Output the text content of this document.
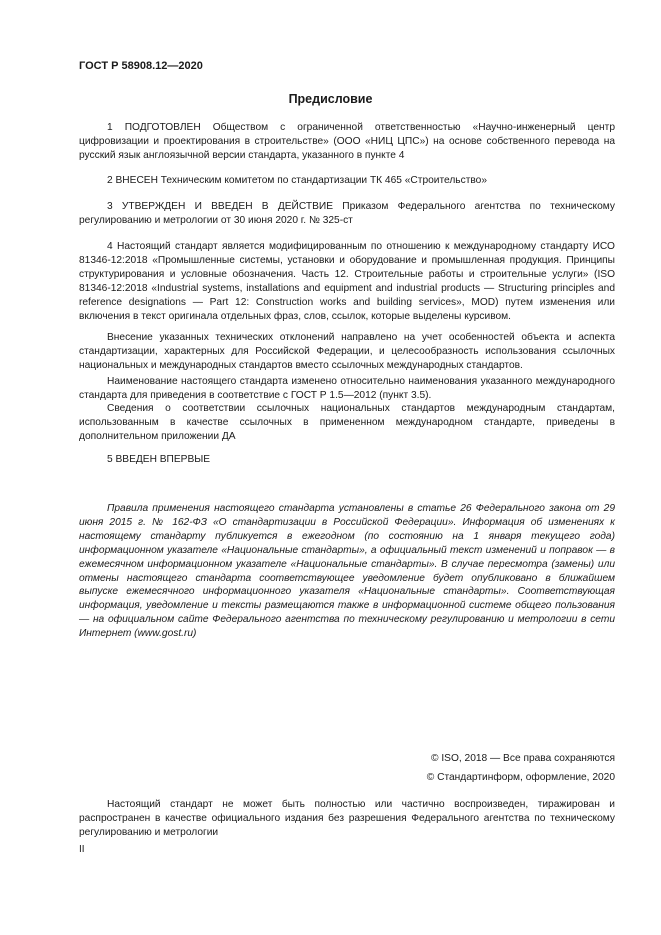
ГОСТ Р 58908.12—2020
Предисловие

1 ПОДГОТОВЛЕН Обществом с ограниченной ответственностью «Научно-инженерный центр цифровизации и проектирования в строительстве» (ООО «НИЦ ЦПС») на основе собственного перевода на русский язык англоязычной версии стандарта, указанного в пункте 4

2 ВНЕСЕН Техническим комитетом по стандартизации ТК 465 «Строительство»

3 УТВЕРЖДЕН И ВВЕДЕН В ДЕЙСТВИЕ Приказом Федерального агентства по техническому регулированию и метрологии от 30 июня 2020 г. № 325-ст

4 Настоящий стандарт является модифицированным по отношению к международному стандарту ИСО 81346-12:2018 «Промышленные системы, установки и оборудование и промышленная продукция. Принципы структурирования и условные обозначения. Часть 12. Строительные работы и строительные услуги» (ISO 81346-12:2018 «Industrial systems, installations and equipment and industrial products — Structuring principles and reference designations — Part 12: Construction works and building services», MOD) путем изменения или включения в текст оригинала отдельных фраз, слов, ссылок, которые выделены курсивом.

Внесение указанных технических отклонений направлено на учет особенностей объекта и аспекта стандартизации, характерных для Российской Федерации, и целесообразность использования ссылочных национальных и международных стандартов вместо ссылочных международных стандартов.

Наименование настоящего стандарта изменено относительно наименования указанного международного стандарта для приведения в соответствие с ГОСТ Р 1.5—2012 (пункт 3.5).

Сведения о соответствии ссылочных национальных стандартов международным стандартам, использованным в качестве ссылочных в примененном международном стандарте, приведены в дополнительном приложении ДА

5 ВВЕДЕН ВПЕРВЫЕ

Правила применения настоящего стандарта установлены в статье 26 Федерального закона от 29 июня 2015 г. № 162-ФЗ «О стандартизации в Российской Федерации». Информация об изменениях к настоящему стандарту публикуется в ежегодном (по состоянию на 1 января текущего года) информационном указателе «Национальные стандарты», а официальный текст изменений и поправок — в ежемесячном информационном указателе «Национальные стандарты». В случае пересмотра (замены) или отмены настоящего стандарта соответствующее уведомление будет опубликовано в ближайшем выпуске ежемесячного информационного указателя «Национальные стандарты». Соответствующая информация, уведомление и тексты размещаются также в информационной системе общего пользования — на официальном сайте Федерального агентства по техническому регулированию и метрологии в сети Интернет (www.gost.ru)

© ISO, 2018 — Все права сохраняются
© Стандартинформ, оформление, 2020

Настоящий стандарт не может быть полностью или частично воспроизведен, тиражирован и распространен в качестве официального издания без разрешения Федерального агентства по техническому регулированию и метрологии

II
